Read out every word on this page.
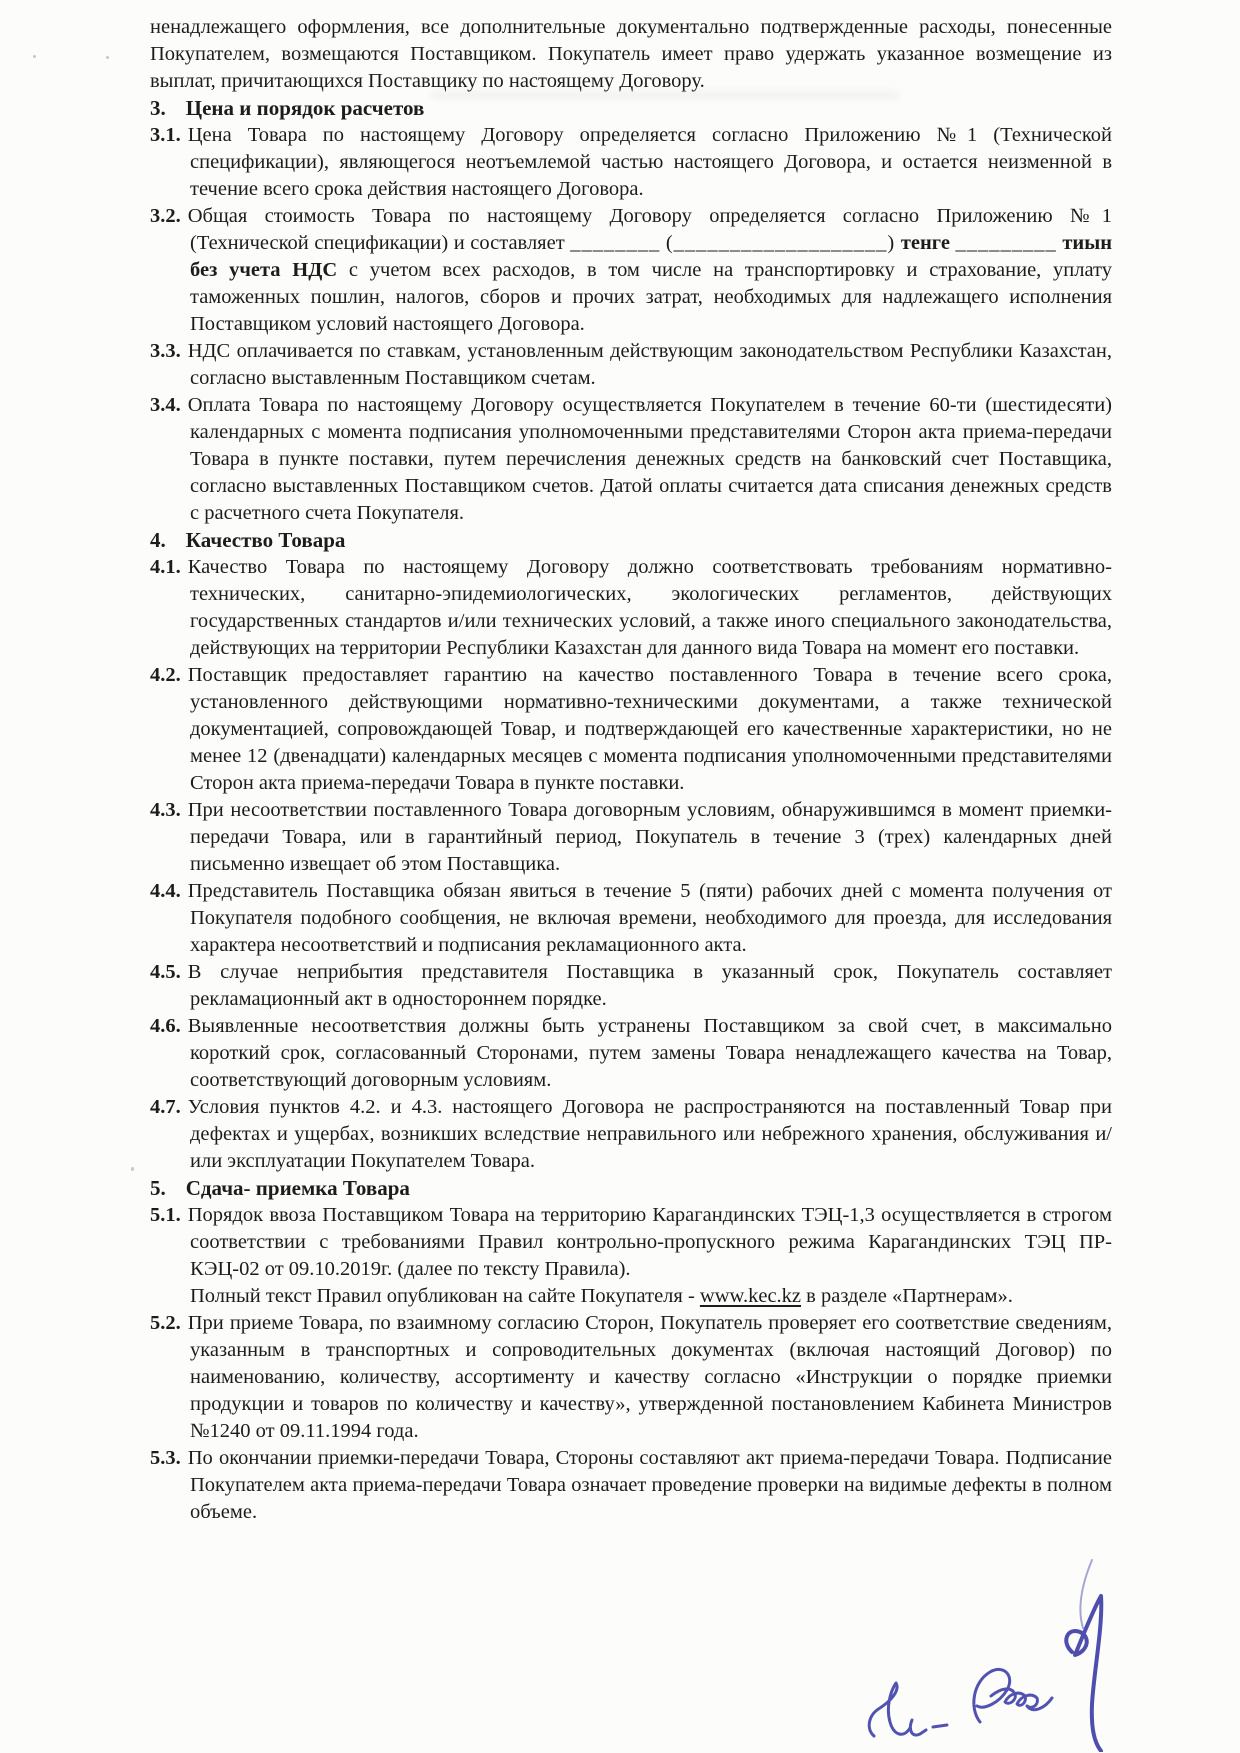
ненадлежащего оформления, все дополнительные документально подтвержденные расходы, понесенные Покупателем, возмещаются Поставщиком. Покупатель имеет право удержать указанное возмещение из выплат, причитающихся Поставщику по настоящему Договору.

3. Цена и порядок расчетов

3.1. Цена Товара по настоящему Договору определяется согласно Приложению №1 (Технической спецификации), являющегося неотъемлемой частью настоящего Договора, и остается неизменной в течение всего срока действия настоящего Договора.

3.2. Общая стоимость Товара по настоящему Договору определяется согласно Приложению №1 (Технической спецификации) и составляет ________ (___________________) тенге _________ тиын без учета НДС с учетом всех расходов, в том числе на транспортировку и страхование, уплату таможенных пошлин, налогов, сборов и прочих затрат, необходимых для надлежащего исполнения Поставщиком условий настоящего Договора.

3.3. НДС оплачивается по ставкам, установленным действующим законодательством Республики Казахстан, согласно выставленным Поставщиком счетам.

3.4. Оплата Товара по настоящему Договору осуществляется Покупателем в течение 60-ти (шестидесяти) календарных с момента подписания уполномоченными представителями Сторон акта приема-передачи Товара в пункте поставки, путем перечисления денежных средств на банковский счет Поставщика, согласно выставленных Поставщиком счетов. Датой оплаты считается дата списания денежных средств с расчетного счета Покупателя.

4. Качество Товара

4.1. Качество Товара по настоящему Договору должно соответствовать требованиям нормативно-технических, санитарно-эпидемиологических, экологических регламентов, действующих государственных стандартов и/или технических условий, а также иного специального законодательства, действующих на территории Республики Казахстан для данного вида Товара на момент его поставки.

4.2. Поставщик предоставляет гарантию на качество поставленного Товара в течение всего срока, установленного действующими нормативно-техническими документами, а также технической документацией, сопровождающей Товар, и подтверждающей его качественные характеристики, но не менее 12 (двенадцати) календарных месяцев с момента подписания уполномоченными представителями Сторон акта приема-передачи Товара в пункте поставки.

4.3. При несоответствии поставленного Товара договорным условиям, обнаружившимся в момент приемки-передачи Товара, или в гарантийный период, Покупатель в течение 3 (трех) календарных дней письменно извещает об этом Поставщика.

4.4. Представитель Поставщика обязан явиться в течение 5 (пяти) рабочих дней с момента получения от Покупателя подобного сообщения, не включая времени, необходимого для проезда, для исследования характера несоответствий и подписания рекламационного акта.

4.5. В случае неприбытия представителя Поставщика в указанный срок, Покупатель составляет рекламационный акт в одностороннем порядке.

4.6. Выявленные несоответствия должны быть устранены Поставщиком за свой счет, в максимально короткий срок, согласованный Сторонами, путем замены Товара ненадлежащего качества на Товар, соответствующий договорным условиям.

4.7. Условия пунктов 4.2. и 4.3. настоящего Договора не распространяются на поставленный Товар при дефектах и ущербах, возникших вследствие неправильного или небрежного хранения, обслуживания и/или эксплуатации Покупателем Товара.

5. Сдача- приемка Товара

5.1. Порядок ввоза Поставщиком Товара на территорию Карагандинских ТЭЦ-1,3 осуществляется в строгом соответствии с требованиями Правил контрольно-пропускного режима Карагандинских ТЭЦ ПР-КЭЦ-02 от 09.10.2019г. (далее по тексту Правила).

Полный текст Правил опубликован на сайте Покупателя - www.kec.kz в разделе «Партнерам».

5.2. При приеме Товара, по взаимному согласию Сторон, Покупатель проверяет его соответствие сведениям, указанным в транспортных и сопроводительных документах (включая настоящий Договор) по наименованию, количеству, ассортименту и качеству согласно «Инструкции о порядке приемки продукции и товаров по количеству и качеству», утвержденной постановлением Кабинета Министров №1240 от 09.11.1994 года.

5.3. По окончании приемки-передачи Товара, Стороны составляют акт приема-передачи Товара. Подписание Покупателем акта приема-передачи Товара означает проведение проверки на видимые дефекты в полном объеме.
